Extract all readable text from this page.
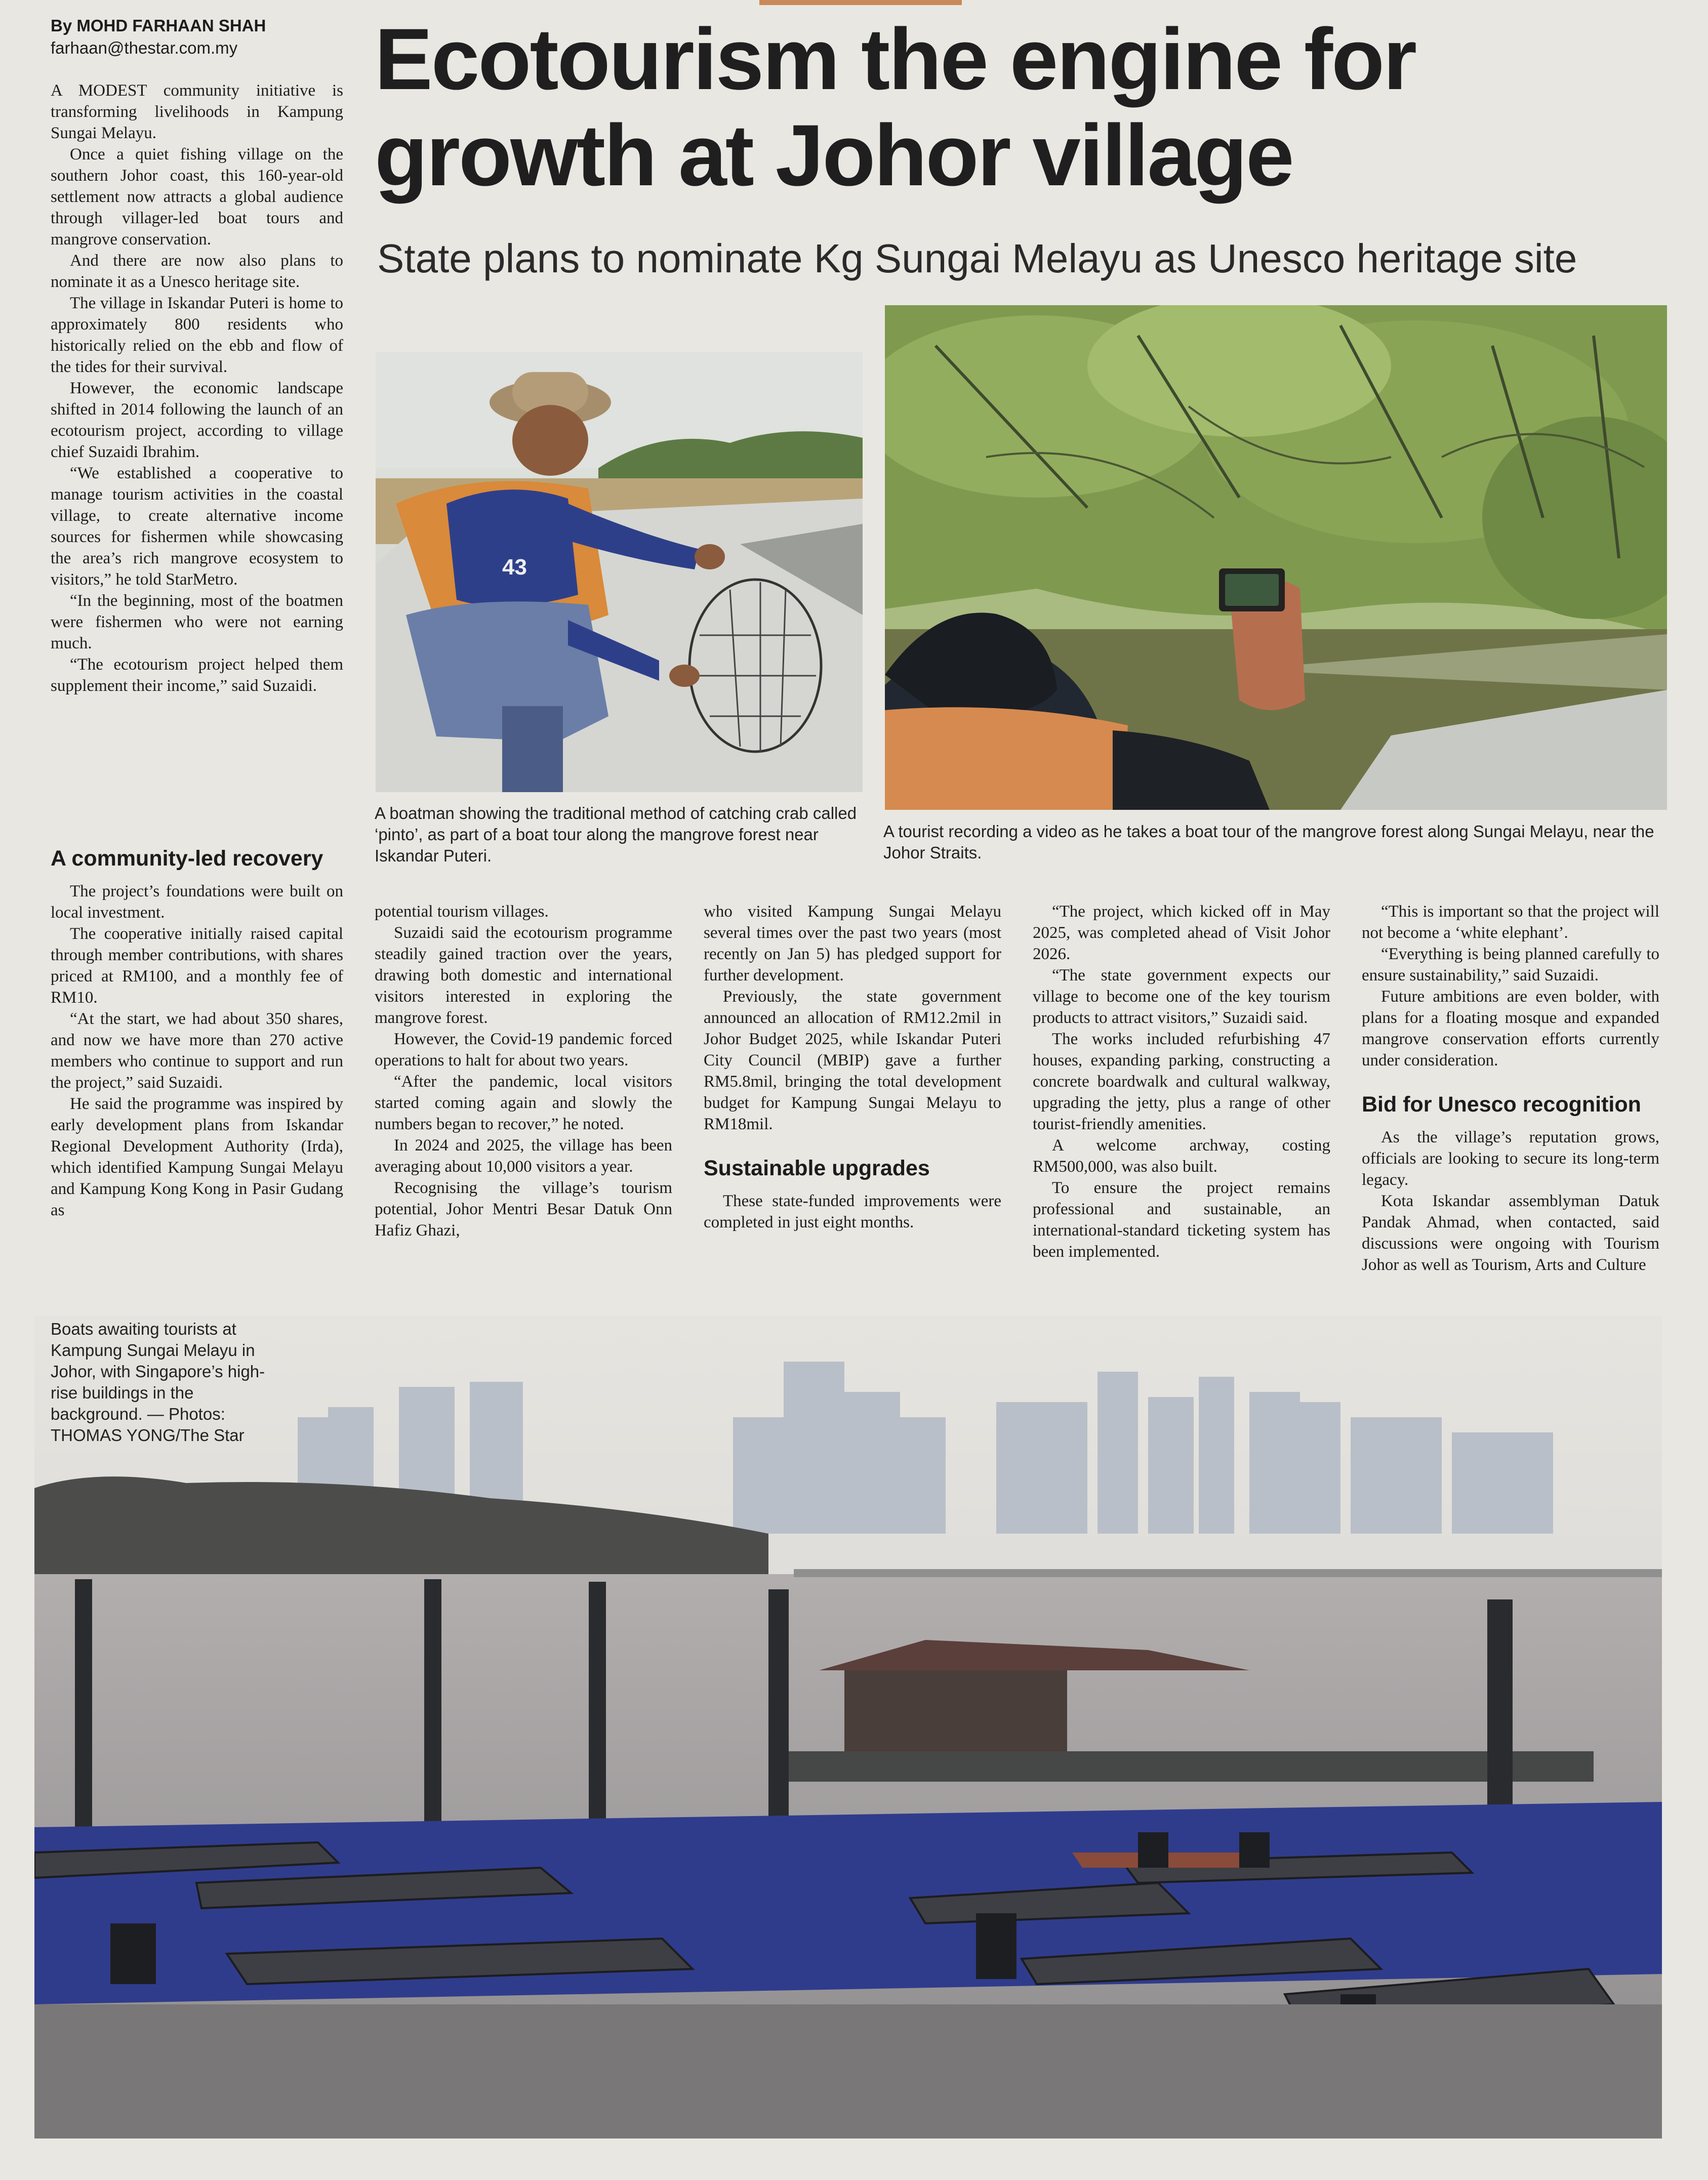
By MOHD FARHAAN SHAH
farhaan@thestar.com.my Ecotourism the engine for growth at Johor village
State plans to nominate Kg Sungai Melayu as Unesco heritage site

A MODEST community initiative is transforming livelihoods in Kampung Sungai Melayu.

Once a quiet fishing village on the southern Johor coast, this 160-year-old settlement now attracts a global audience through villager-led boat tours and mangrove conservation.

And there are now also plans to nominate it as a Unesco heritage site.

The village in Iskandar Puteri is home to approximately 800 residents who historically relied on the ebb and flow of the tides for their survival.

However, the economic landscape shifted in 2014 following the launch of an ecotourism project, according to village chief Suzaidi Ibrahim.

“We established a cooperative to manage tourism activities in the coastal village, to create alternative income sources for fishermen while showcasing the area’s rich mangrove ecosystem to visitors,” he told StarMetro.

“In the beginning, most of the boatmen were fishermen who were not earning much.

“The ecotourism project helped them supplement their income,” said Suzaidi.

A community-led recovery

The project’s foundations were built on local investment.

The cooperative initially raised capital through member contributions, with shares priced at RM100, and a monthly fee of RM10.

“At the start, we had about 350 shares, and now we have more than 270 active members who continue to support and run the project,” said Suzaidi.

He said the programme was inspired by early development plans from Iskandar Regional Development Authority (Irda), which identified Kampung Sungai Melayu and Kampung Kong Kong in Pasir Gudang as

potential tourism villages.

Suzaidi said the ecotourism programme steadily gained traction over the years, drawing both domestic and international visitors interested in exploring the mangrove forest.

However, the Covid-19 pandemic forced operations to halt for about two years.

“After the pandemic, local visitors started coming again and slowly the numbers began to recover,” he noted.

In 2024 and 2025, the village has been averaging about 10,000 visitors a year.

Recognising the village’s tourism potential, Johor Mentri Besar Datuk Onn Hafiz Ghazi,

who visited Kampung Sungai Melayu several times over the past two years (most recently on Jan 5) has pledged support for further development.

Previously, the state government announced an allocation of RM12.2mil in Johor Budget 2025, while Iskandar Puteri City Council (MBIP) gave a further RM5.8mil, bringing the total development budget for Kampung Sungai Melayu to RM18mil.

Sustainable upgrades

These state-funded improvements were completed in just eight months.

“The project, which kicked off in May 2025, was completed ahead of Visit Johor 2026.

“The state government expects our village to become one of the key tourism products to attract visitors,” Suzaidi said.

The works included refurbishing 47 houses, expanding parking, constructing a concrete boardwalk and cultural walkway, upgrading the jetty, plus a range of other tourist-friendly amenities.

A welcome archway, costing RM500,000, was also built.

To ensure the project remains professional and sustainable, an international-standard ticketing system has been implemented.

“This is important so that the project will not become a ‘white elephant’.

“Everything is being planned carefully to ensure sustainability,” said Suzaidi.

Future ambitions are even bolder, with plans for a floating mosque and expanded mangrove conservation efforts currently under consideration.

Bid for Unesco recognition

As the village’s reputation grows, officials are looking to secure its long-term legacy.

Kota Iskandar assemblyman Datuk Pandak Ahmad, when contacted, said discussions were ongoing with Tourism Johor as well as Tourism, Arts and Culture

43
A boatman showing the traditional method of catching crab called ‘pinto’, as part of a boat tour along the mangrove forest near Iskandar Puteri.
A tourist recording a video as he takes a boat tour of the mangrove forest along Sungai Melayu, near the Johor Straits.
Boats awaiting tourists at Kampung Sungai Melayu in Johor, with Singapore’s high-rise buildings in the background. — Photos: THOMAS YONG/The Star
